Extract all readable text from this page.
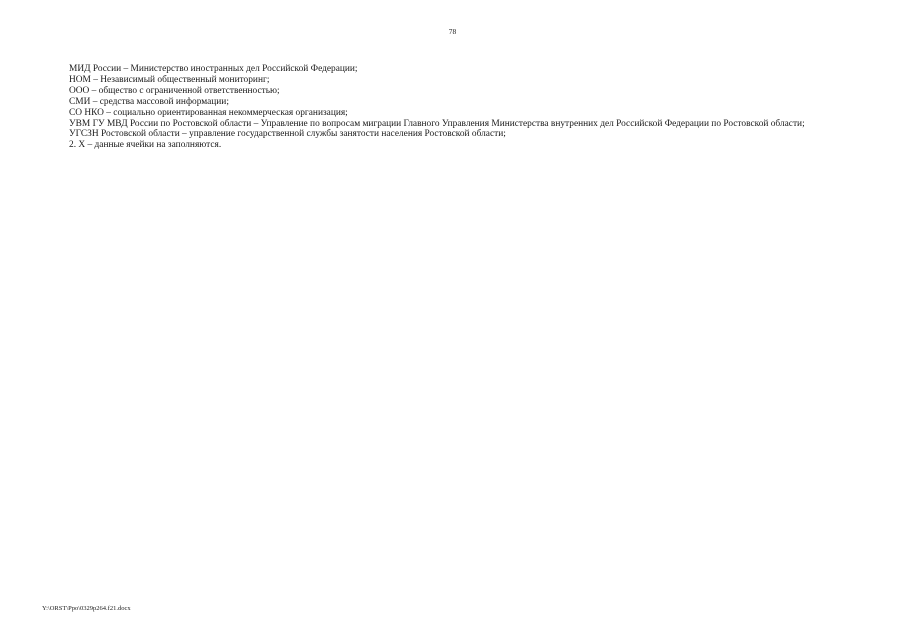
78

МИД России – Министерство иностранных дел Российской Федерации;

НОМ – Независимый общественный мониторинг;

ООО – общество с ограниченной ответственностью;

СМИ – средства массовой информации;

СО НКО – социально ориентированная некоммерческая организация;

УВМ ГУ МВД России по Ростовской области – Управление по вопросам миграции Главного Управления Министерства внутренних дел Российской Федерации по Ростовской области;

УГСЗН Ростовской области – управление государственной службы занятости населения Ростовской области;

2. Х – данные ячейки на заполняются.

Y:\ORST\Ppo\0329p264.f21.docx
